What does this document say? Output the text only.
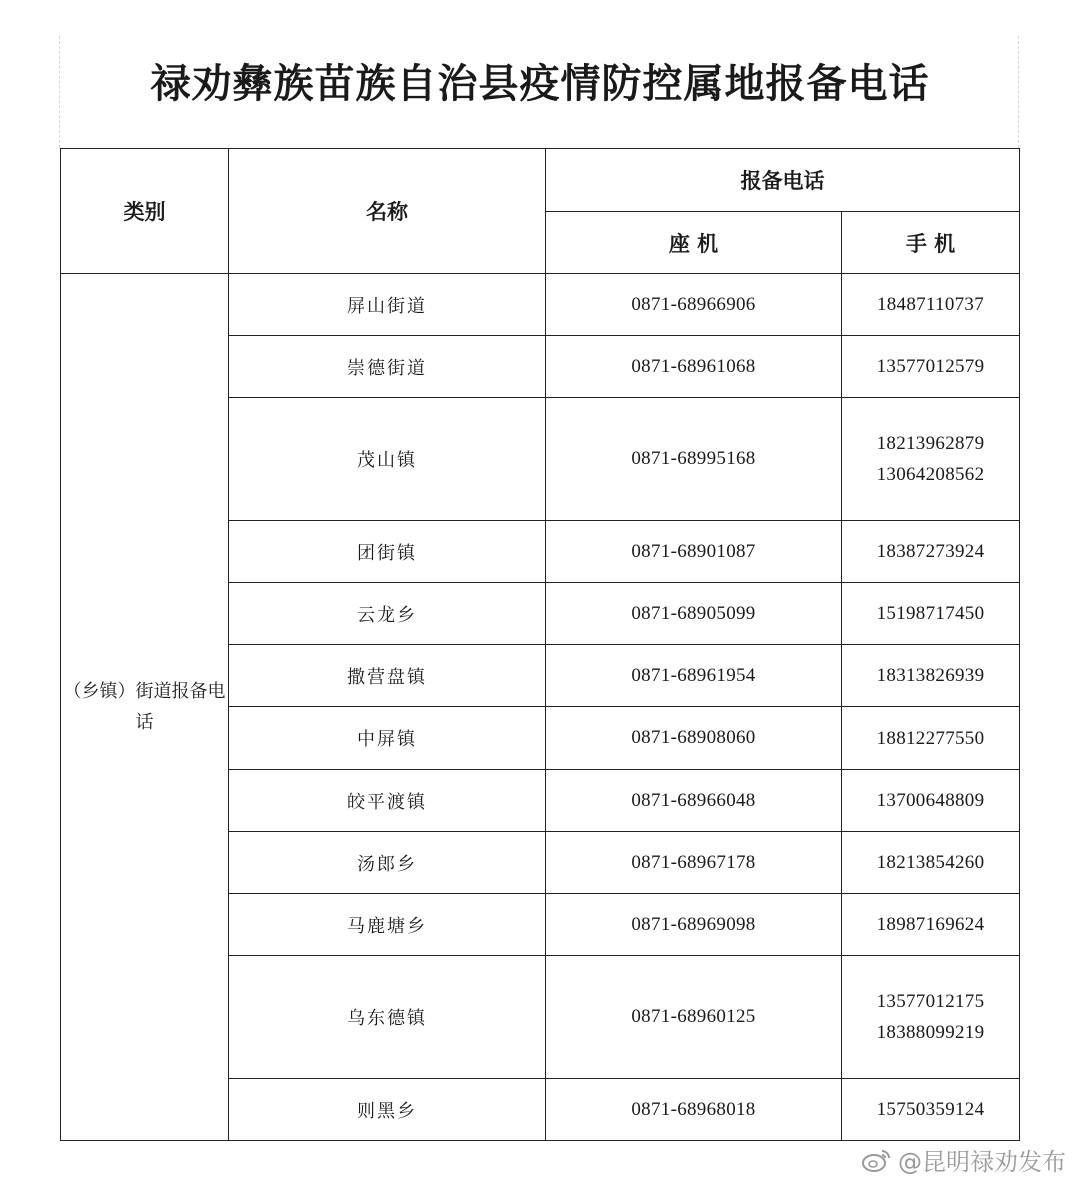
禄劝彝族苗族自治县疫情防控属地报备电话
类别	名称	报备电话	
		座 机	手 机
（乡镇）街道报备电话	屏山街道	0871-68966906	18487110737

	崇德街道	0871-68961068	13577012579

	茂山镇	0871-68995168	18213962879
13064208562

	团街镇	0871-68901087	18387273924

	云龙乡	0871-68905099	15198717450

	撒营盘镇	0871-68961954	18313826939

	中屏镇	0871-68908060	18812277550

	皎平渡镇	0871-68966048	13700648809

	汤郎乡	0871-68967178	18213854260

	马鹿塘乡	0871-68969098	18987169624

	乌东德镇	0871-68960125	13577012175
18388099219

	则黑乡	0871-68968018	15750359124
@昆明禄劝发布
